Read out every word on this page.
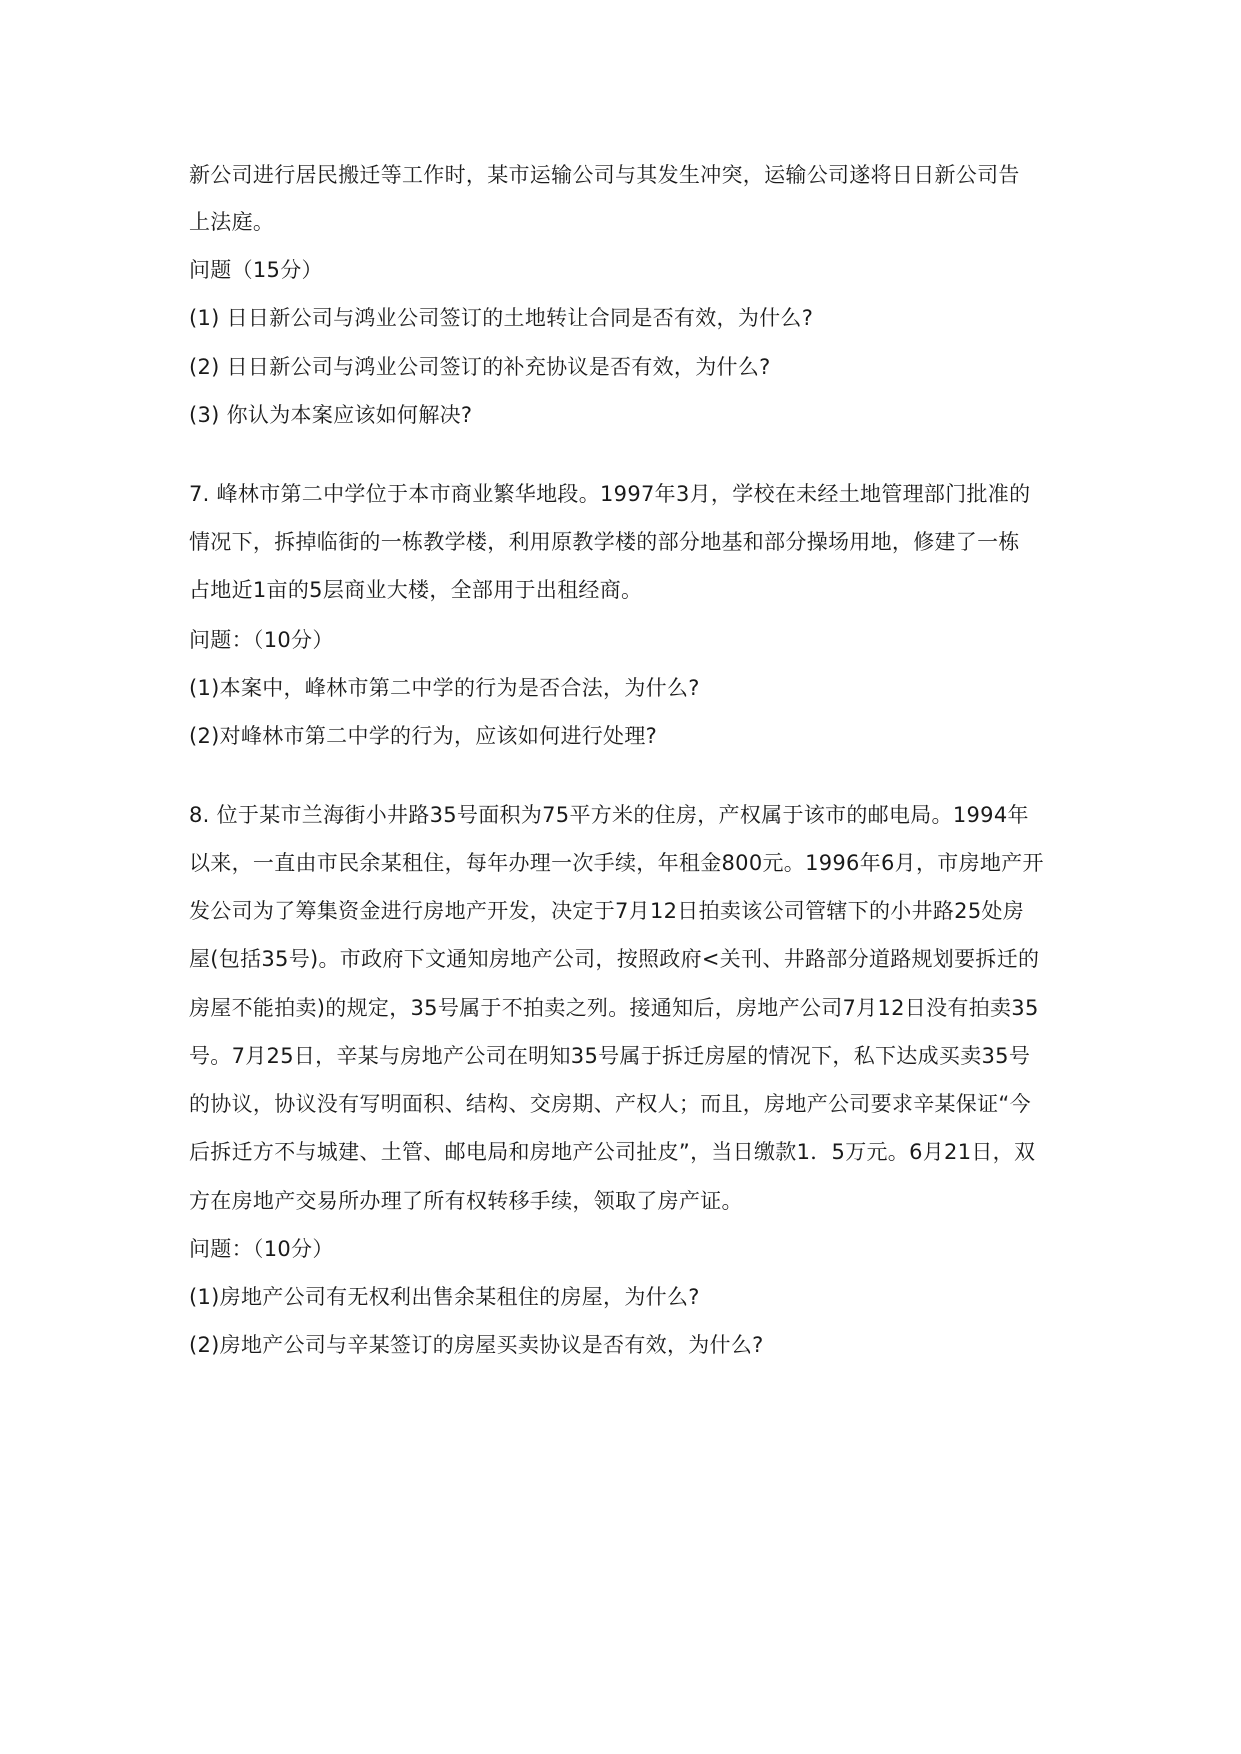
新公司进行居民搬迁等工作时，某市运输公司与其发生冲突，运输公司遂将日日新公司告
上法庭。
问题（15分）
(1) 日日新公司与鸿业公司签订的土地转让合同是否有效，为什么?
(2) 日日新公司与鸿业公司签订的补充协议是否有效，为什么?
(3) 你认为本案应该如何解决?
7. 峰林市第二中学位于本市商业繁华地段。1997年3月，学校在未经土地管理部门批准的
情况下，拆掉临街的一栋教学楼，利用原教学楼的部分地基和部分操场用地，修建了一栋
占地近1亩的5层商业大楼，全部用于出租经商。
问题：（10分）
(1)本案中，峰林市第二中学的行为是否合法，为什么?
(2)对峰林市第二中学的行为，应该如何进行处理?
8. 位于某市兰海街小井路35号面积为75平方米的住房，产权属于该市的邮电局。1994年
以来，一直由市民余某租住，每年办理一次手续，年租金800元。1996年6月，市房地产开
发公司为了筹集资金进行房地产开发，决定于7月12日拍卖该公司管辖下的小井路25处房
屋(包括35号)。市政府下文通知房地产公司，按照政府<关刊、井路部分道路规划要拆迁的
房屋不能拍卖)的规定，35号属于不拍卖之列。接通知后，房地产公司7月12日没有拍卖35
号。7月25日，辛某与房地产公司在明知35号属于拆迁房屋的情况下，私下达成买卖35号
的协议，协议没有写明面积、结构、交房期、产权人；而且，房地产公司要求辛某保证“今
后拆迁方不与城建、土管、邮电局和房地产公司扯皮”，当日缴款1．5万元。6月21日，双
方在房地产交易所办理了所有权转移手续，领取了房产证。
问题：（10分）
(1)房地产公司有无权利出售余某租住的房屋，为什么?
(2)房地产公司与辛某签订的房屋买卖协议是否有效，为什么?
